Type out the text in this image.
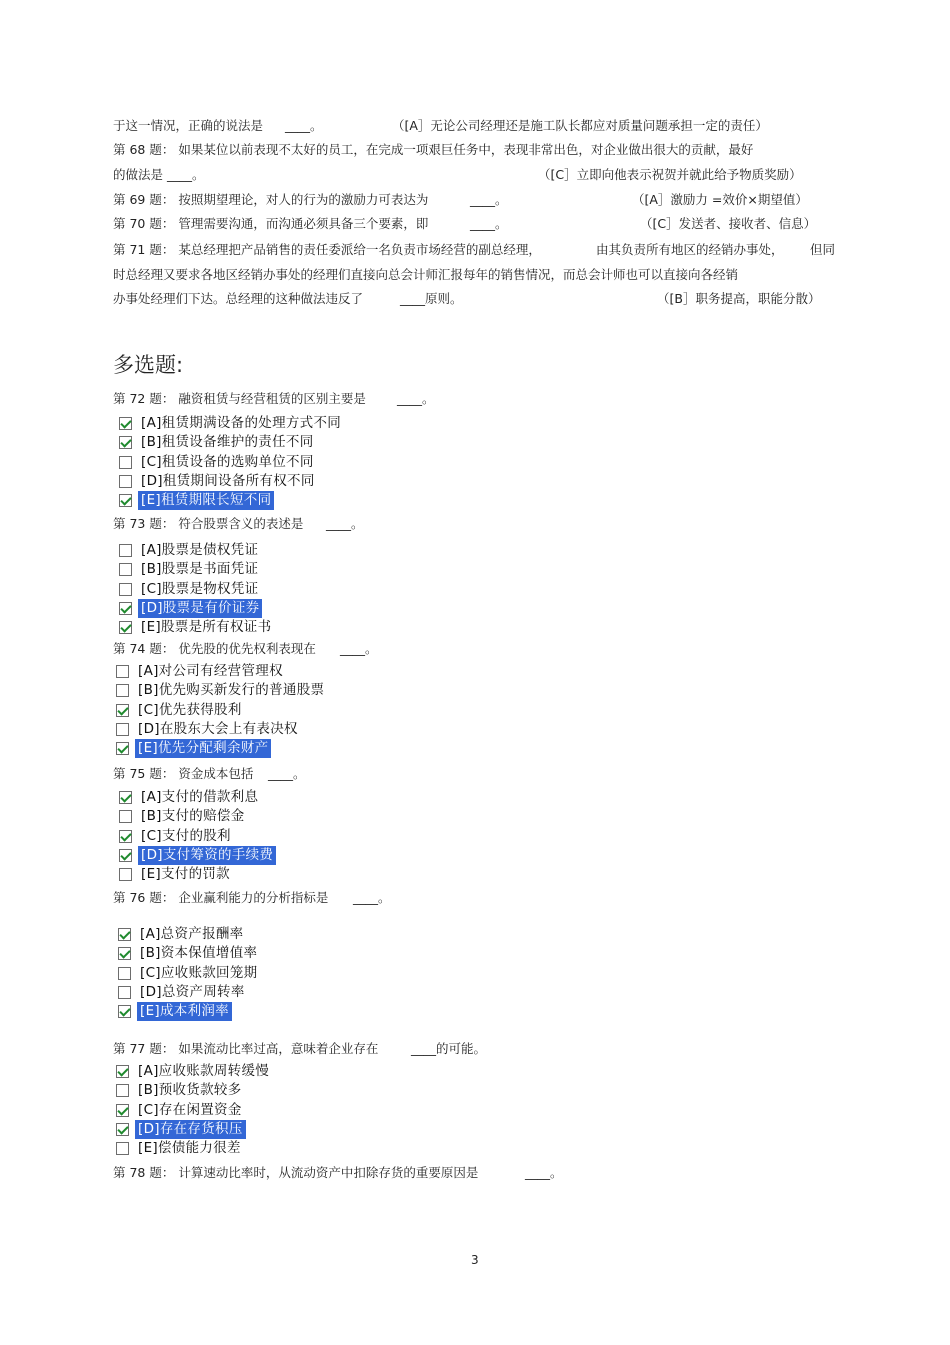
于这一情况，正确的说法是 ____。	（[A］无论公司经理还是施工队长都应对质量问题承担一定的责任）
第 68 题： 如果某位以前表现不太好的员工，在完成一项艰巨任务中，表现非常出色，对企业做出很大的贡献，最好
的做法是 ____。	（[C］立即向他表示祝贺并就此给予物质奖励）
第 69 题： 按照期望理论，对人的行为的激励力可表达为	____。	（[A］激励力 =效价×期望值）
第 70 题： 管理需要沟通，而沟通必须具备三个要素，即	____。	（[C］发送者、接收者、信息）
第 71 题： 某总经理把产品销售的责任委派给一名负责市场经营的副总经理，	由其负责所有地区的经销办事处， 但同
时总经理又要求各地区经销办事处的经理们直接向总会计师汇报每年的销售情况，而总会计师也可以直接向各经销
办事处经理们下达。总经理的这种做法违反了	____原则。	（[B］职务提高，职能分散）
多选题:
第 72 题： 融资租赁与经营租赁的区别主要是 ____。
[A]租赁期满设备的处理方式不同
[B]租赁设备维护的责任不同
[C]租赁设备的选购单位不同
[D]租赁期间设备所有权不同
[E]租赁期限长短不同
第 73 题： 符合股票含义的表述是 ____。
[A]股票是债权凭证
[B]股票是书面凭证
[C]股票是物权凭证
[D]股票是有价证券
[E]股票是所有权证书
第 74 题： 优先股的优先权利表现在 ____。
[A]对公司有经营管理权
[B]优先购买新发行的普通股票
[C]优先获得股利
[D]在股东大会上有表决权
[E]优先分配剩余财产
第 75 题： 资金成本包括 ____。
[A]支付的借款利息
[B]支付的赔偿金
[C]支付的股利
[D]支付筹资的手续费
[E]支付的罚款
第 76 题： 企业赢利能力的分析指标是 ____。
[A]总资产报酬率
[B]资本保值增值率
[C]应收账款回笼期
[D]总资产周转率
[E]成本利润率
第 77 题： 如果流动比率过高，意味着企业存在	____的可能。
[A]应收账款周转缓慢
[B]预收货款较多
[C]存在闲置资金
[D]存在存货积压
[E]偿债能力很差
第 78 题： 计算速动比率时，从流动资产中扣除存货的重要原因是	____。
3
